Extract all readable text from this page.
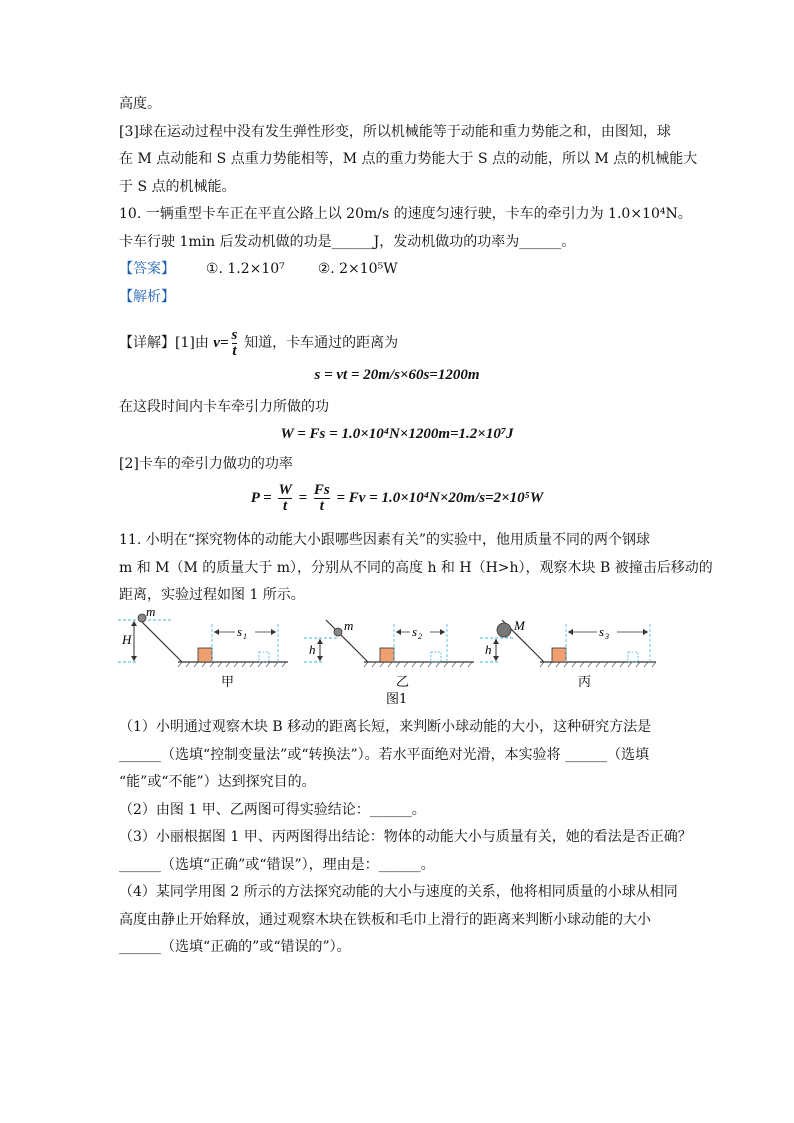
高度。
[3]球在运动过程中没有发生弹性形变，所以机械能等于动能和重力势能之和，由图知，球
在 M 点动能和 S 点重力势能相等，M 点的重力势能大于 S 点的动能，所以 M 点的机械能大
于 S 点的机械能。
10. 一辆重型卡车正在平直公路上以 20m/s 的速度匀速行驶，卡车的牵引力为 1.0×10⁴N。
卡车行驶 1min 后发动机做的功是______J，发动机做功的功率为______。
【答案】 ①. 1.2×10⁷ ②. 2×10⁵W
【解析】
【详解】[1]由 $v= \frac{s}{t}$ 知道，卡车通过的距离为
s = vt = 20m/s×60s=1200m
在这段时间内卡车牵引力所做的功
W = Fs = 1.0×10⁴N×1200m=1.2×10⁷J
[2]卡车的牵引力做功的功率
$P = \frac{W}{t} = \frac{Fs}{t} = Fv = 1.0\times 10^4N\times 20m/s=2\times 10^5W$
11. 小明在“探究物体的动能大小跟哪些因素有关”的实验中，他用质量不同的两个钢球
m 和 M（M 的质量大于 m），分别从不同的高度 h 和 H（H>h），观察木块 B 被撞击后移动的
距离，实验过程如图 1 所示。
H
m
s 1
甲
h
m	s 2
乙
图1
h
M	s 3
丙
（1）小明通过观察木块 B 移动的距离长短，来判断小球动能的大小，这种研究方法是
______（选填“控制变量法”或“转换法”）。若水平面绝对光滑，本实验将 ______（选填
“能”或“不能”）达到探究目的。
（2）由图 1 甲、乙两图可得实验结论：______。
（3）小丽根据图 1 甲、丙两图得出结论：物体的动能大小与质量有关，她的看法是否正确？
______（选填“正确”或“错误”），理由是：______。
（4）某同学用图 2 所示的方法探究动能的大小与速度的关系，他将相同质量的小球从相同
高度由静止开始释放，通过观察木块在铁板和毛巾上滑行的距离来判断小球动能的大小
______（选填“正确的”或“错误的”）。
